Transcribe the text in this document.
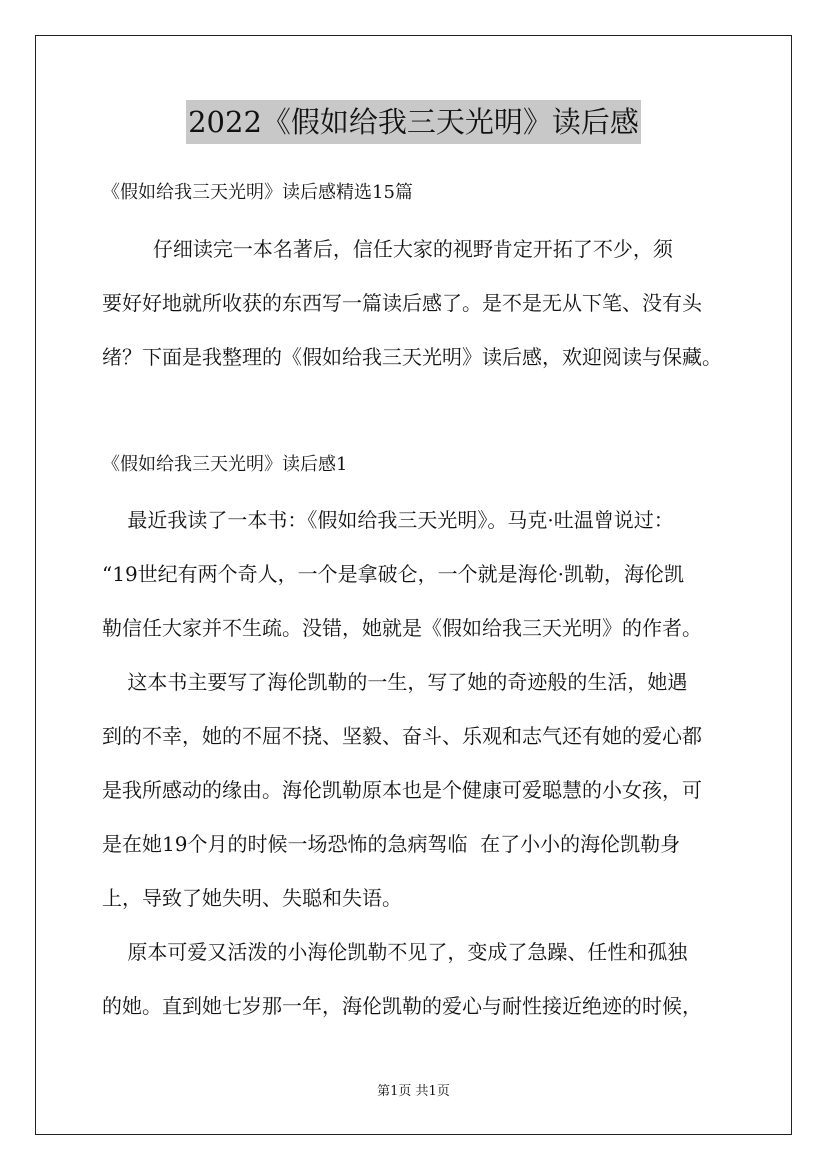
2022《假如给我三天光明》读后感
《假如给我三天光明》读后感精选15篇
仔细读完一本名著后，信任大家的视野肯定开拓了不少，须
要好好地就所收获的东西写一篇读后感了。是不是无从下笔、没有头
绪？下面是我整理的《假如给我三天光明》读后感，欢迎阅读与保藏。
《假如给我三天光明》读后感1
最近我读了一本书：《假如给我三天光明》。马克·吐温曾说过：
“19世纪有两个奇人，一个是拿破仑，一个就是海伦·凯勒，海伦凯
勒信任大家并不生疏。没错，她就是《假如给我三天光明》的作者。
这本书主要写了海伦凯勒的一生，写了她的奇迹般的生活，她遇
到的不幸，她的不屈不挠、坚毅、奋斗、乐观和志气还有她的爱心都
是我所感动的缘由。海伦凯勒原本也是个健康可爱聪慧的小女孩，可
是在她19个月的时候一场恐怖的急病驾临  在了小小的海伦凯勒身
上，导致了她失明、失聪和失语。
原本可爱又活泼的小海伦凯勒不见了，变成了急躁、任性和孤独
的她。直到她七岁那一年，海伦凯勒的爱心与耐性接近绝迹的时候，
第1页 共1页
